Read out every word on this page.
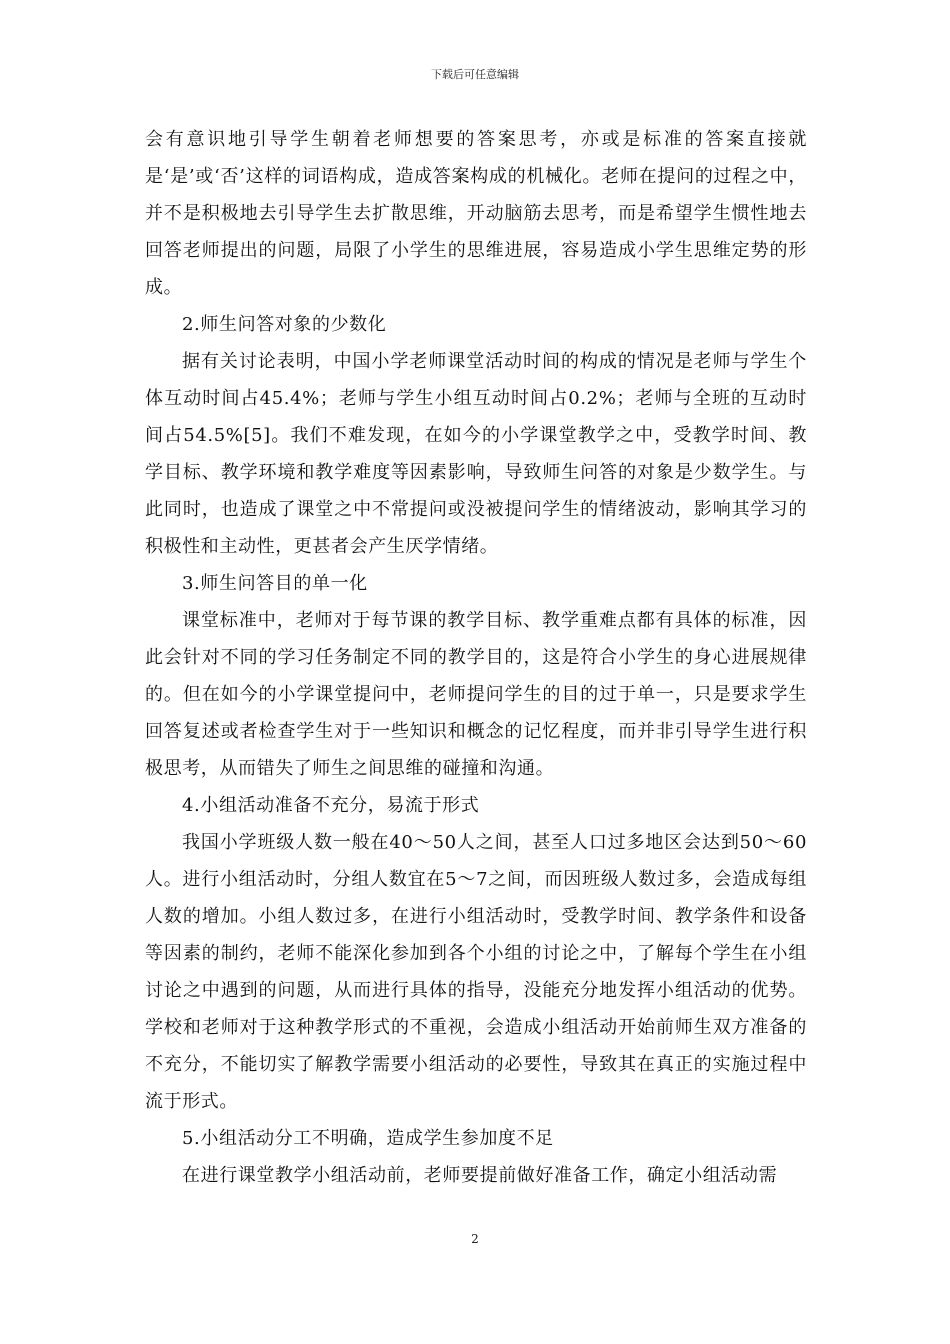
下载后可任意编辑

会有意识地引导学生朝着老师想要的答案思考，亦或是标准的答案直接就是‘是’或‘否’这样的词语构成，造成答案构成的机械化。老师在提问的过程之中，并不是积极地去引导学生去扩散思维，开动脑筋去思考，而是希望学生惯性地去回答老师提出的问题，局限了小学生的思维进展，容易造成小学生思维定势的形成。

2.师生问答对象的少数化

据有关讨论表明，中国小学老师课堂活动时间的构成的情况是老师与学生个体互动时间占45.4%；老师与学生小组互动时间占0.2%；老师与全班的互动时间占54.5%[5]。我们不难发现，在如今的小学课堂教学之中，受教学时间、教学目标、教学环境和教学难度等因素影响，导致师生问答的对象是少数学生。与此同时，也造成了课堂之中不常提问或没被提问学生的情绪波动，影响其学习的积极性和主动性，更甚者会产生厌学情绪。

3.师生问答目的单一化

课堂标准中，老师对于每节课的教学目标、教学重难点都有具体的标准，因此会针对不同的学习任务制定不同的教学目的，这是符合小学生的身心进展规律的。但在如今的小学课堂提问中，老师提问学生的目的过于单一，只是要求学生回答复述或者检查学生对于一些知识和概念的记忆程度，而并非引导学生进行积极思考，从而错失了师生之间思维的碰撞和沟通。

4.小组活动准备不充分，易流于形式

我国小学班级人数一般在40～50人之间，甚至人口过多地区会达到50～60人。进行小组活动时，分组人数宜在5～7之间，而因班级人数过多，会造成每组人数的增加。小组人数过多，在进行小组活动时，受教学时间、教学条件和设备等因素的制约，老师不能深化参加到各个小组的讨论之中，了解每个学生在小组讨论之中遇到的问题，从而进行具体的指导，没能充分地发挥小组活动的优势。学校和老师对于这种教学形式的不重视，会造成小组活动开始前师生双方准备的不充分，不能切实了解教学需要小组活动的必要性，导致其在真正的实施过程中流于形式。

5.小组活动分工不明确，造成学生参加度不足

在进行课堂教学小组活动前，老师要提前做好准备工作，确定小组活动需

2
